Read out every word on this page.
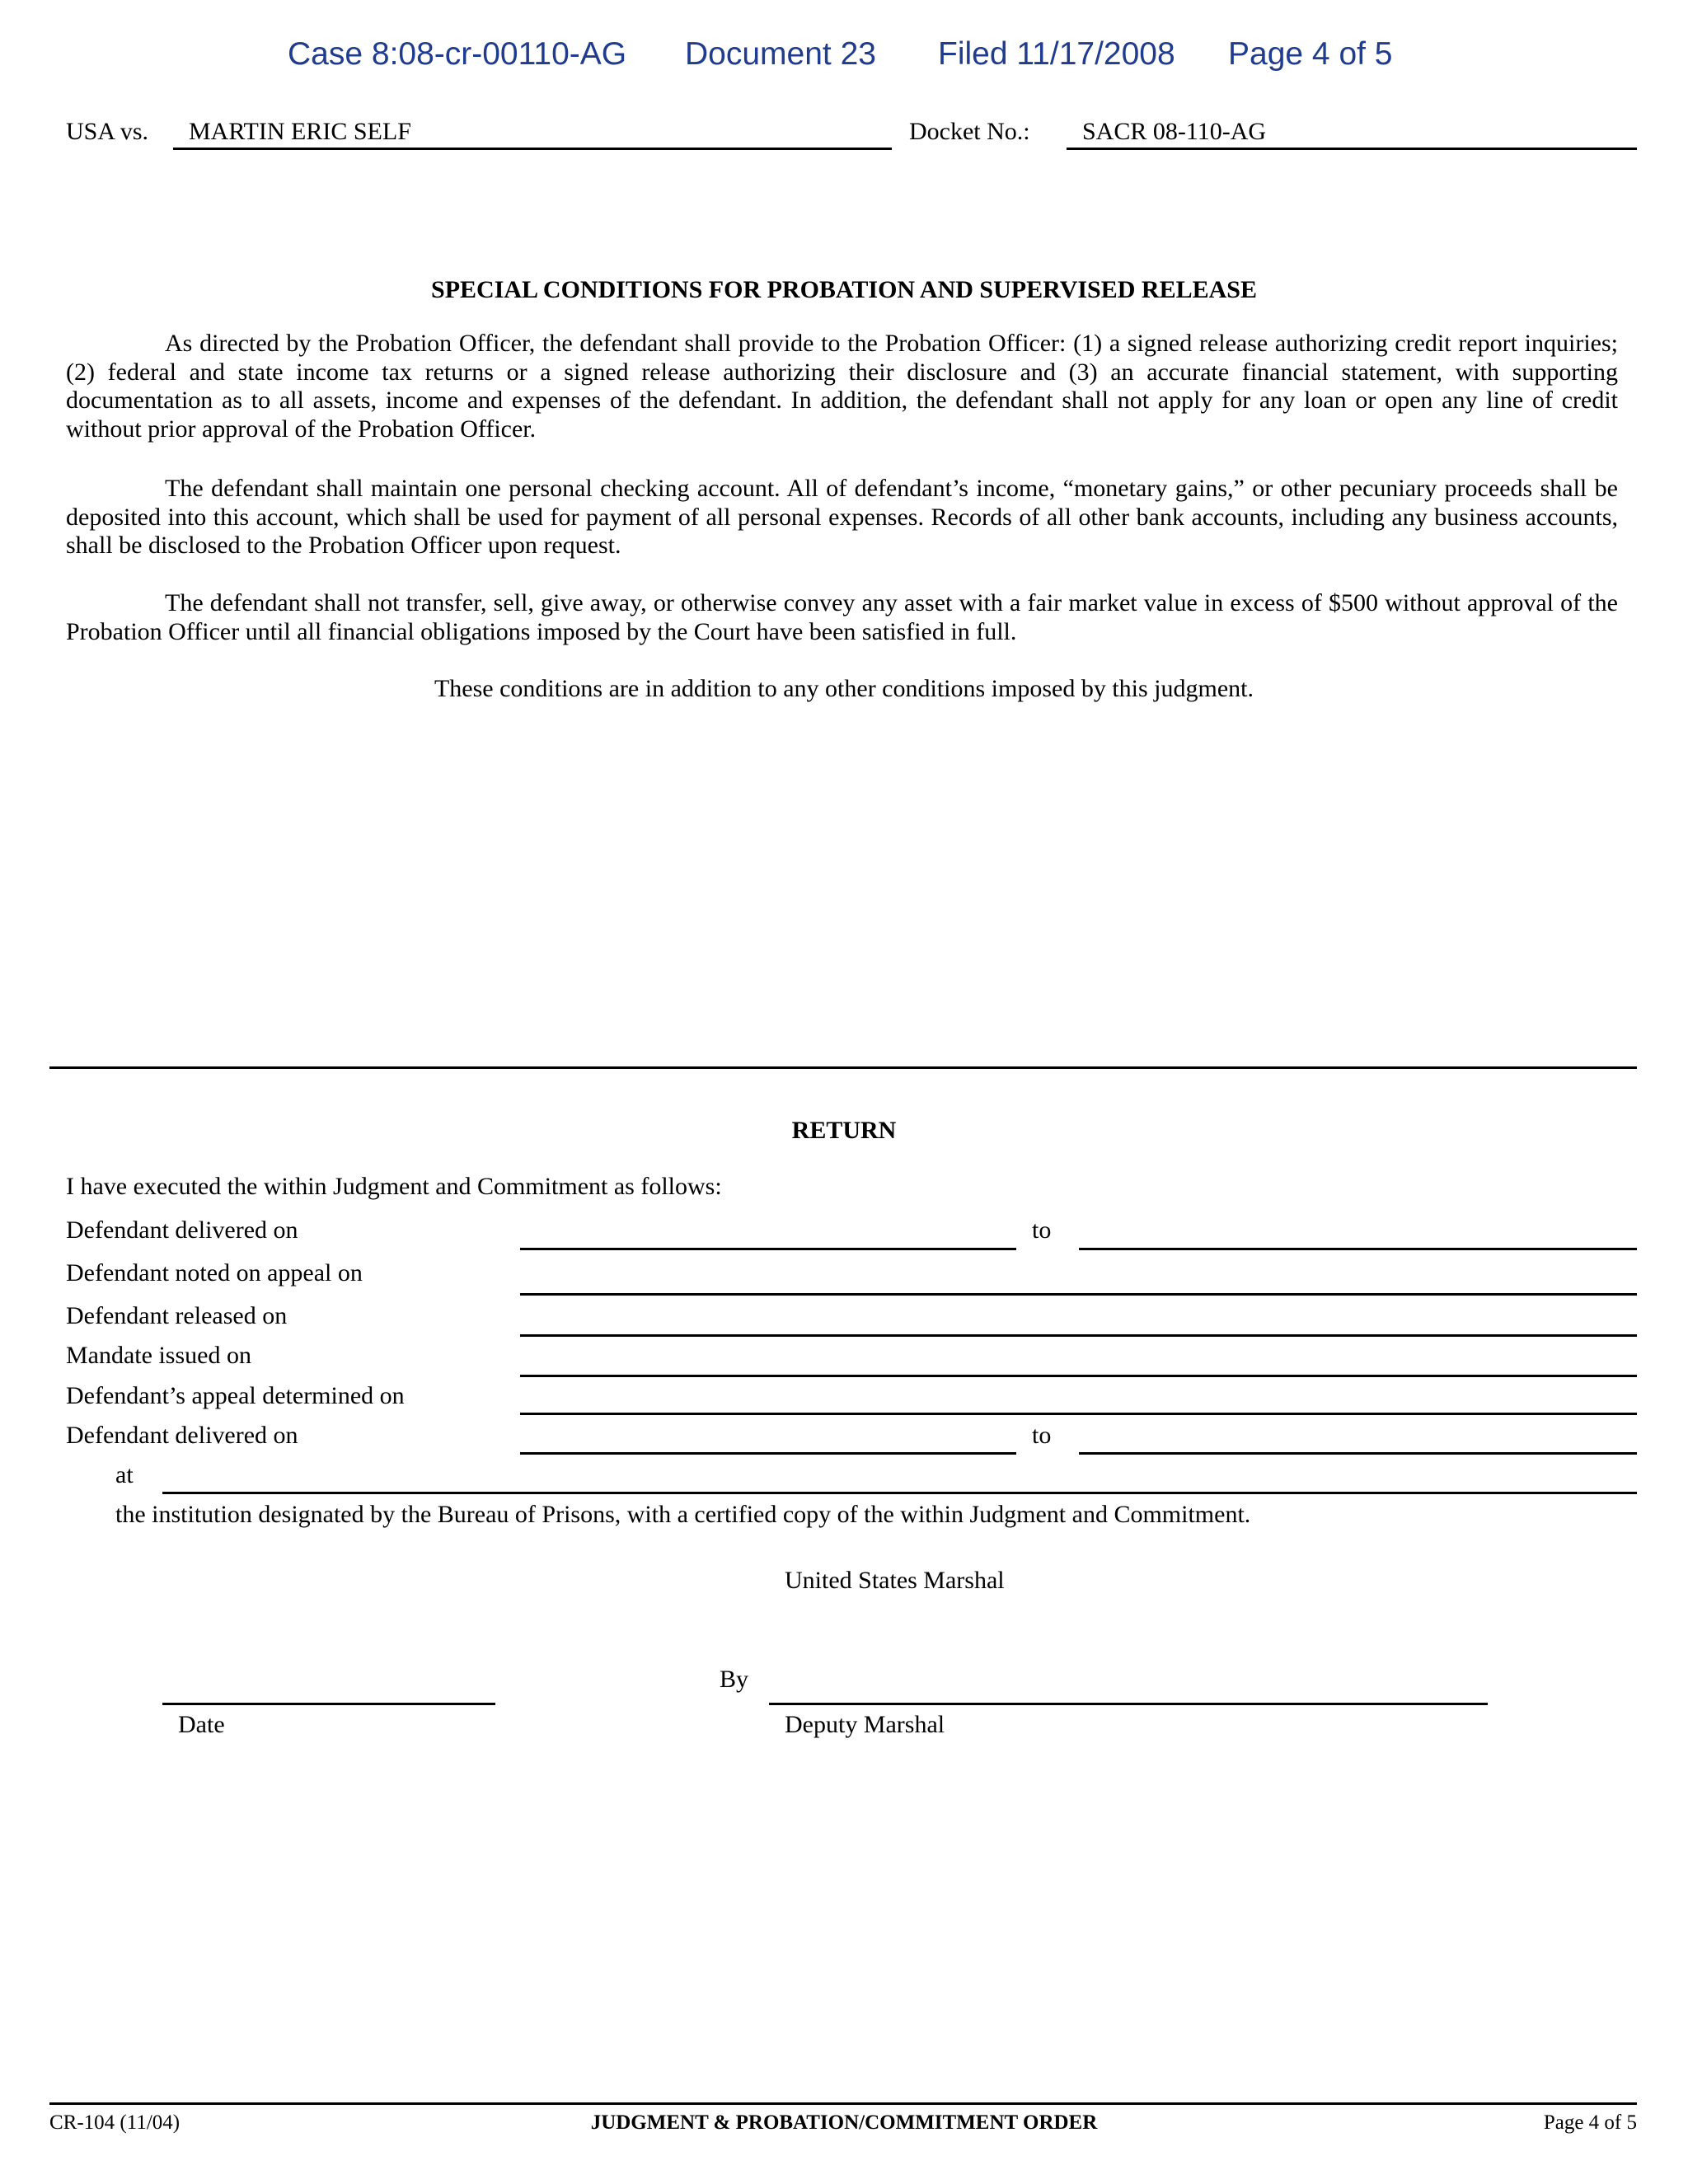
Case 8:08-cr-00110-AG Document 23 Filed 11/17/2008 Page 4 of 5
USA vs. MARTIN ERIC SELF	Docket No.: SACR 08-110-AG
SPECIAL CONDITIONS FOR PROBATION AND SUPERVISED RELEASE

As directed by the Probation Officer, the defendant shall provide to the Probation Officer: (1) a signed release authorizing credit report inquiries; (2) federal and state income tax returns or a signed release authorizing their disclosure and (3) an accurate financial statement, with supporting documentation as to all assets, income and expenses of the defendant. In addition, the defendant shall not apply for any loan or open any line of credit without prior approval of the Probation Officer.

The defendant shall maintain one personal checking account. All of defendant’s income, “monetary gains,” or other pecuniary proceeds shall be deposited into this account, which shall be used for payment of all personal expenses. Records of all other bank accounts, including any business accounts, shall be disclosed to the Probation Officer upon request.

The defendant shall not transfer, sell, give away, or otherwise convey any asset with a fair market value in excess of $500 without approval of the Probation Officer until all financial obligations imposed by the Court have been satisfied in full.

These conditions are in addition to any other conditions imposed by this judgment.
RETURN
I have executed the within Judgment and Commitment as follows:
Defendant delivered on	to
Defendant noted on appeal on
Defendant released on
Mandate issued on
Defendant’s appeal determined on
Defendant delivered on	to
at
the institution designated by the Bureau of Prisons, with a certified copy of the within Judgment and Commitment.
United States Marshal
By
Date	Deputy Marshal
CR-104 (11/04)	JUDGMENT & PROBATION/COMMITMENT ORDER	Page 4 of 5
